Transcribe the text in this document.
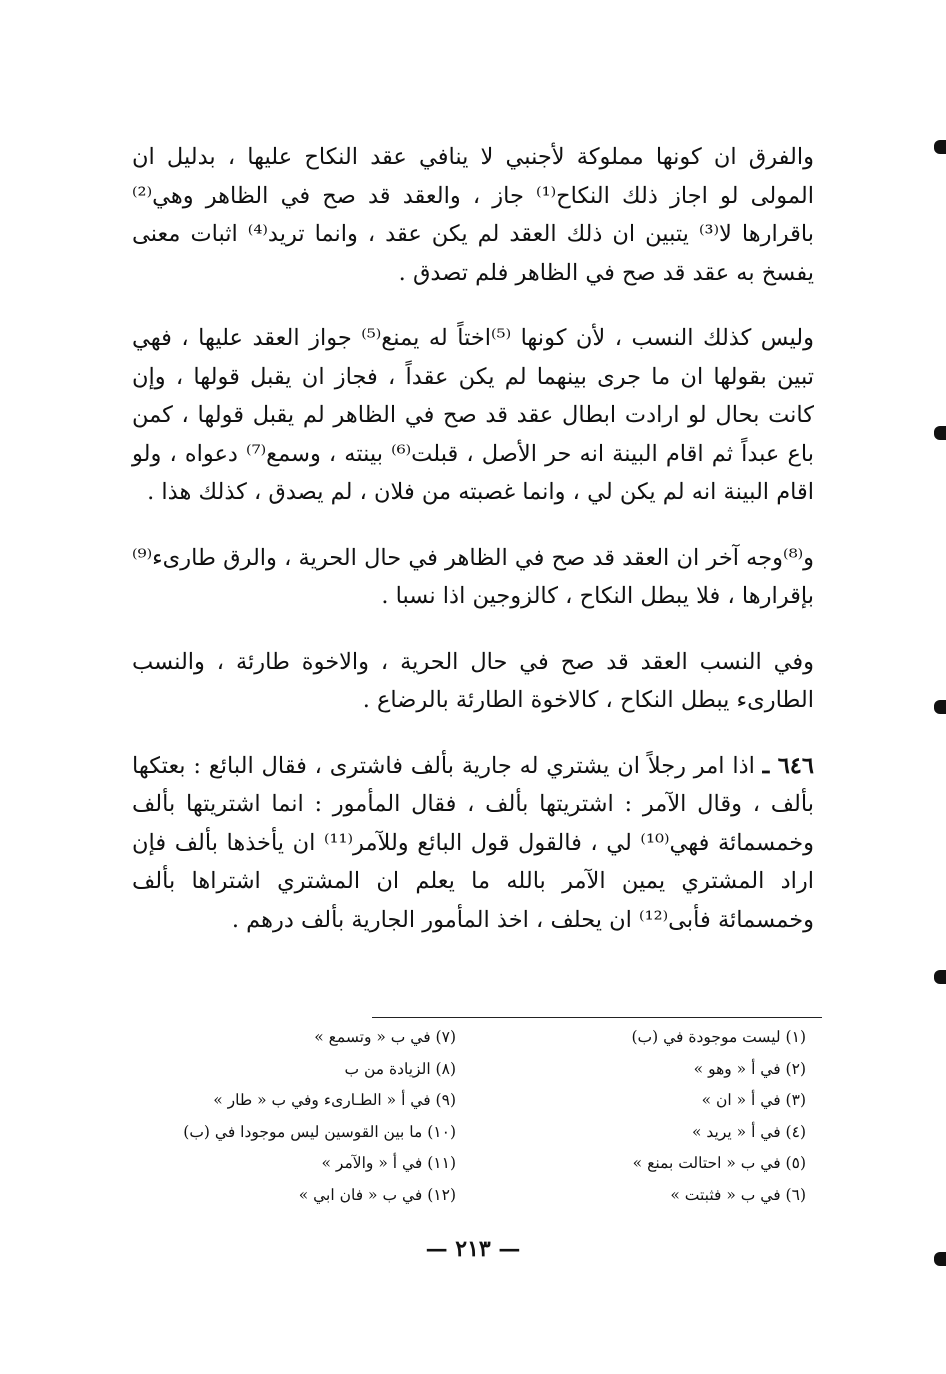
والفرق ان كونها مملوكة لأجنبي لا ينافي عقد النكاح عليها ، بدليل ان المولى لو اجاز ذلك النكاح⁽¹⁾ جاز ، والعقد قد صح في الظاهر وهي⁽²⁾ باقرارها لا⁽³⁾ يتبين ان ذلك العقد لم يكن عقد ، وانما تريد⁽⁴⁾ اثبات معنى يفسخ به عقد قد صح في الظاهر فلم تصدق .

وليس كذلك النسب ، لأن كونها ⁽⁵⁾اختاً له يمنع⁽⁵⁾ جواز العقد عليها ، فهي تبين بقولها ان ما جرى بينهما لم يكن عقداً ، فجاز ان يقبل قولها ، وإن كانت بحال لو ارادت ابطال عقد قد صح في الظاهر لم يقبل قولها ، كمن باع عبداً ثم اقام البينة انه حر الأصل ، قبلت⁽⁶⁾ بينته ، وسمع⁽⁷⁾ دعواه ، ولو اقام البينة انه لم يكن لي ، وانما غصبته من فلان ، لم يصدق ، كذلك هذا .

و⁽⁸⁾وجه آخر ان العقد قد صح في الظاهر في حال الحرية ، والرق طارىء⁽⁹⁾ بإقرارها ، فلا يبطل النكاح ، كالزوجين اذا نسبا .

وفي النسب العقد قد صح في حال الحرية ، والاخوة طارئة ، والنسب الطارىء يبطل النكاح ، كالاخوة الطارئة بالرضاع .

٦٤٦ ـ اذا امر رجلاً ان يشتري له جارية بألف فاشترى ، فقال البائع : بعتكها بألف ، وقال الآمر : اشتريتها بألف ، فقال المأمور : انما اشتريتها بألف وخمسمائة فهي⁽¹⁰⁾ لي ، فالقول قول البائع وللآمر⁽¹¹⁾ ان يأخذها بألف فإن اراد المشتري يمين الآمر بالله ما يعلم ان المشتري اشتراها بألف وخمسمائة فأبى⁽¹²⁾ ان يحلف ، اخذ المأمور الجارية بألف درهم .

(١) ليست موجودة في (ب)
(٢) في أ « وهو »
(٣) في أ « ان »
(٤) في أ « يريد »
(٥) في ب « احتالت بمنع »
(٦) في ب « فثبتت »
(٧) في ب « وتسمع »
(٨) الزيادة من ب
(٩) في أ « الطـارىء وفي ب « طار »
(١٠) ما بين القوسين ليس موجودا في (ب)
(١١) في أ « والآمر »
(١٢) في ب « فان ابي »
— ٢١٣ —
